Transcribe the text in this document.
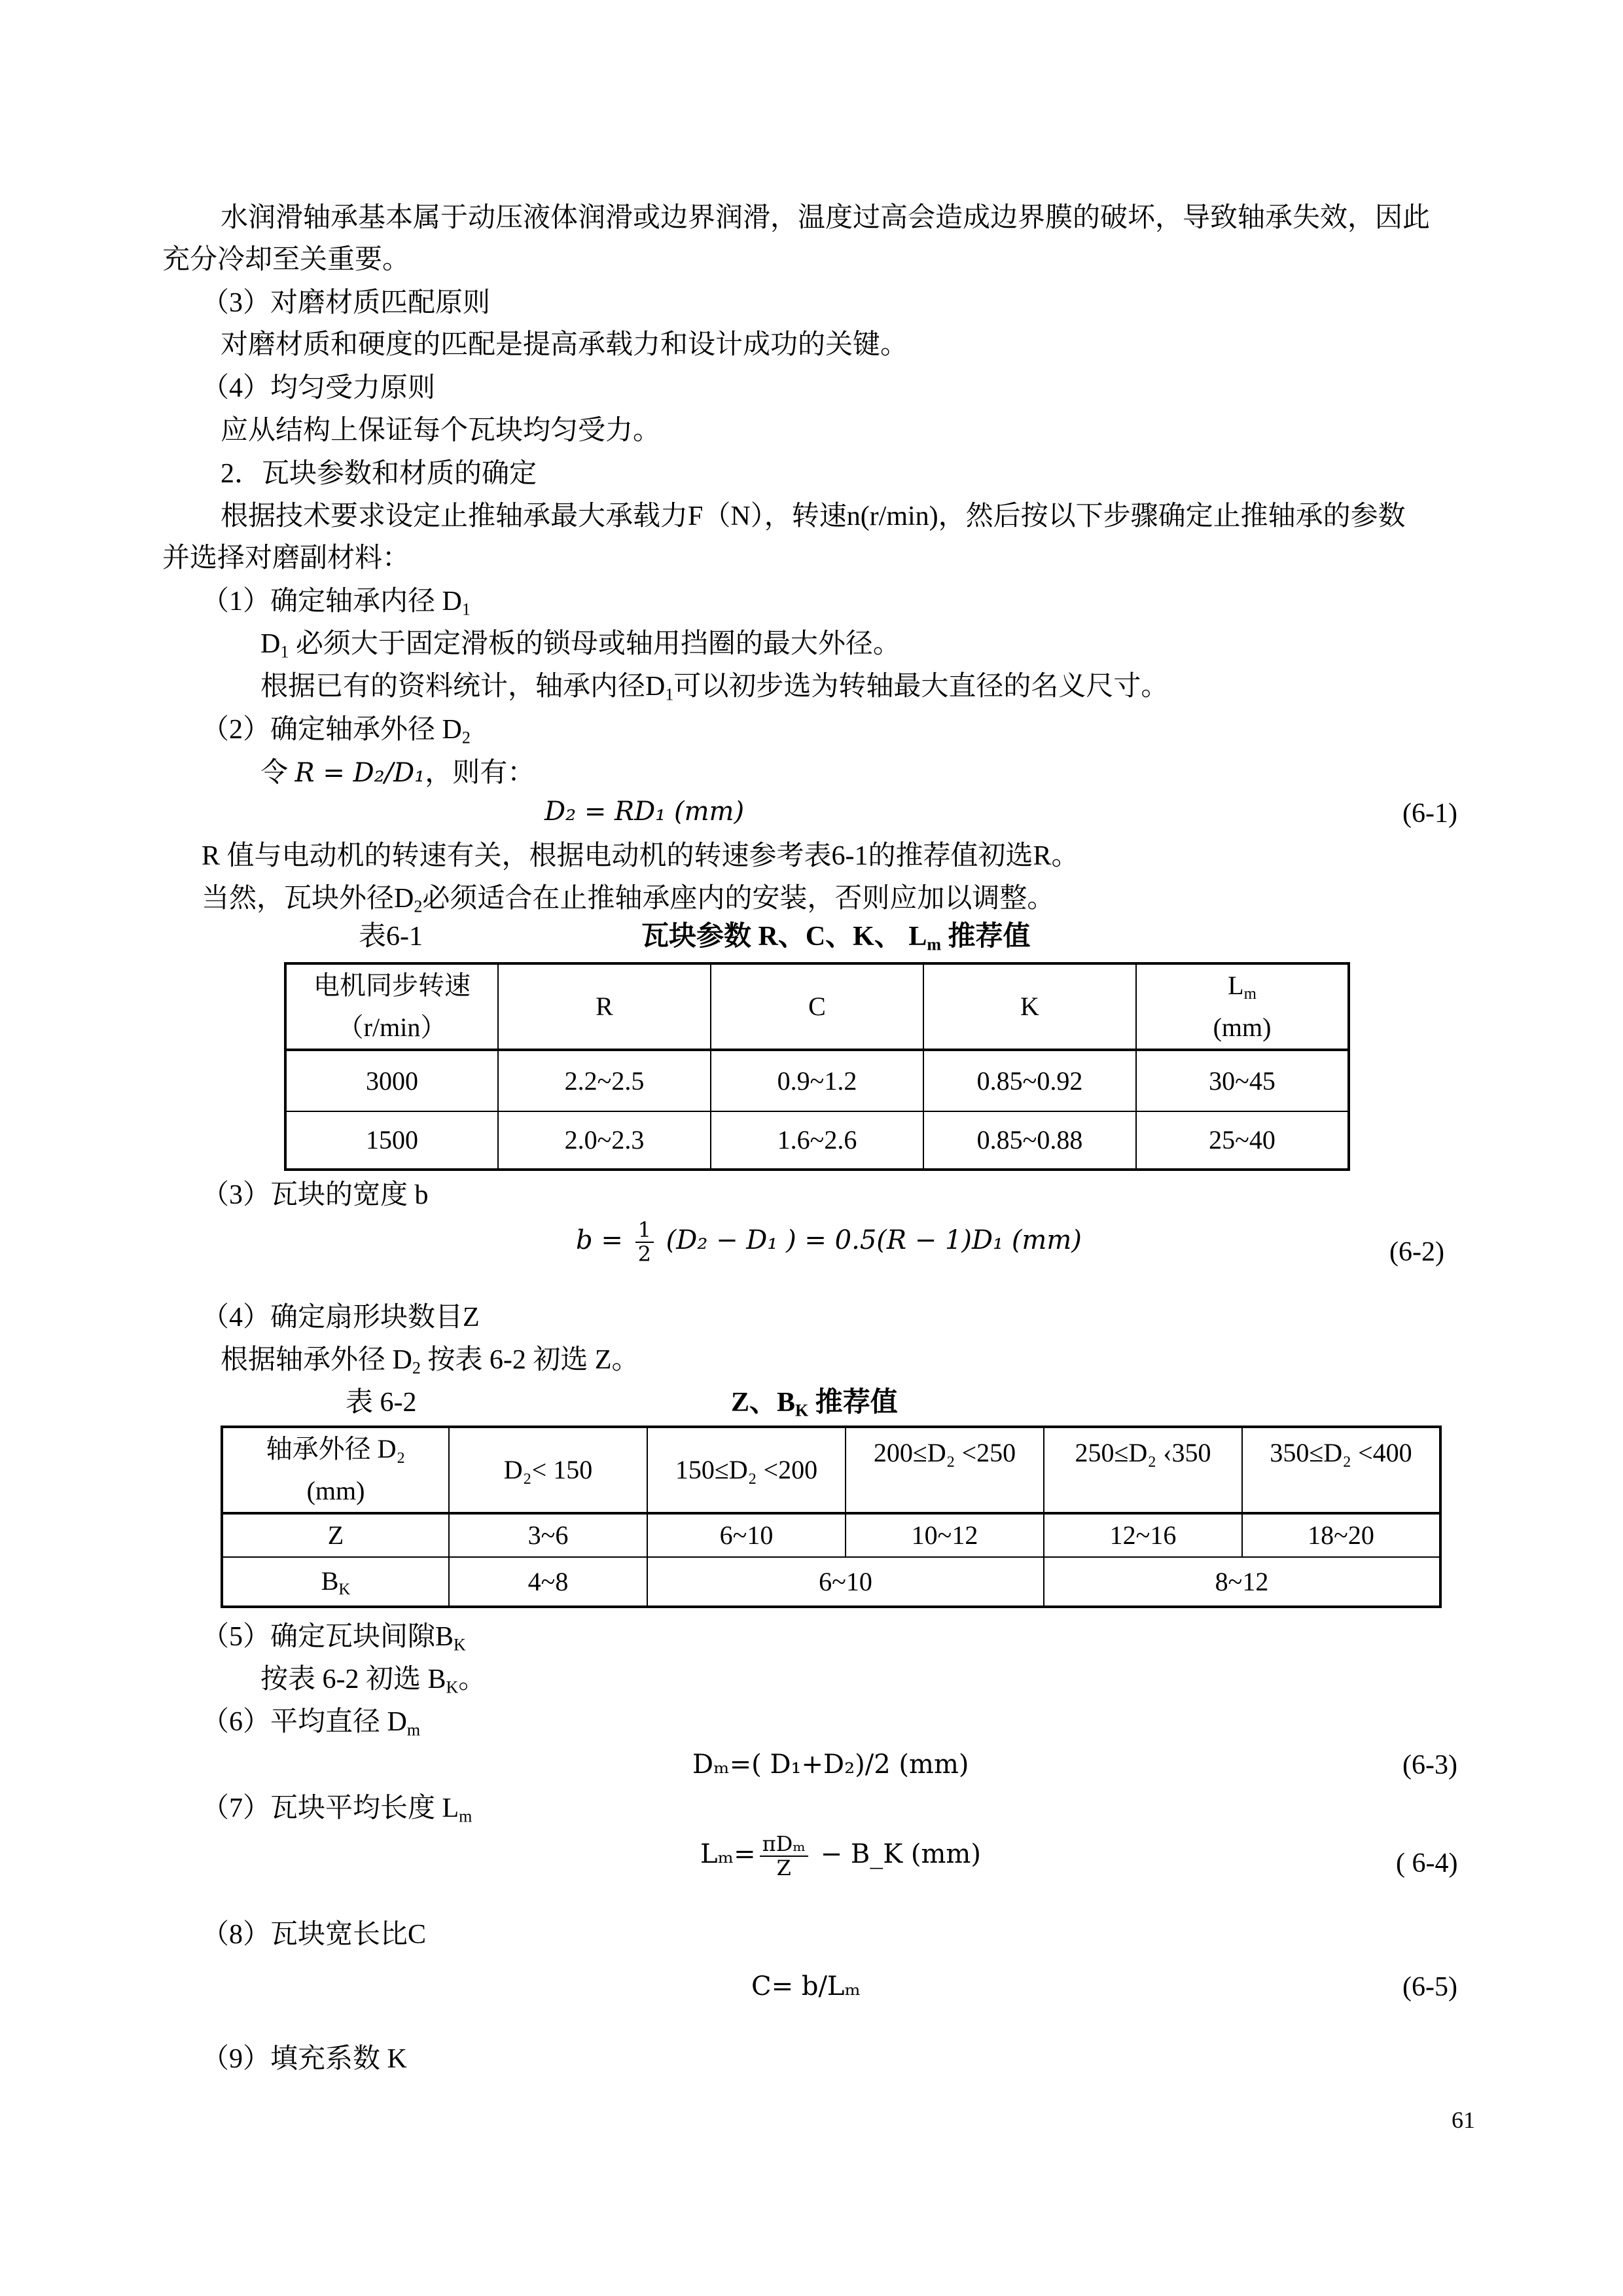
水润滑轴承基本属于动压液体润滑或边界润滑，温度过高会造成边界膜的破坏，导致轴承失效，因此
充分冷却至关重要。
（3）对磨材质匹配原则
对磨材质和硬度的匹配是提高承载力和设计成功的关键。
（4）均匀受力原则
应从结构上保证每个瓦块均匀受力。
2．瓦块参数和材质的确定
根据技术要求设定止推轴承最大承载力F（N），转速n(r/min)，然后按以下步骤确定止推轴承的参数
并选择对磨副材料：
（1）确定轴承内径 $D_1$
$D_1$ 必须大于固定滑板的锁母或轴用挡圈的最大外径。
根据已有的资料统计，轴承内径$D_1$可以初步选为转轴最大直径的名义尺寸。
（2）确定轴承外径 $D_2$
令 R = D₂/D₁，则有：
D₂ = RD₁ (mm)	(6-1)
R 值与电动机的转速有关，根据电动机的转速参考表6-1的推荐值初选R。
当然，瓦块外径$D_2$必须适合在止推轴承座内的安装，否则应加以调整。
表6-1	瓦块参数 R、C、K、 $L_m$ 推荐值
电机同步转速
（r/min）	R	C	K	$L_m$
(mm)

3000	2.2~2.5	0.9~1.2	0.85~0.92	30~45
1500	2.0~2.3	1.6~2.6	0.85~0.88	25~40
（3）瓦块的宽度 b
$b = \frac{1}{2} (D_2 - D_1$ ) = 0.5(R − 1)D₁ (mm)	(6-2)
（4）确定扇形块数目Z
根据轴承外径 $D_2$ 按表 6-2 初选 Z。
表 6-2	Z、$B_K$ 推荐值
轴承外径 D₂
(mm)	D₂< 150	150≤D₂ <200	200≤D₂ <250	250≤D₂ ‹350	350≤D₂ <400
Z	3~6	6~10	10~12	12~16	18~20
$B_K$	4~8	6~10		8~12	
（5）确定瓦块间隙$B_K$
按表 6-2 初选 $B_K$。
（6）平均直径 $D_m$
Dₘ=( D₁+D₂)/2 (mm)	(6-3)
（7）瓦块平均长度 $L_m$
$L_m= \frac{\text{πDₘ}}{Z}$ − B_K (mm)	( 6-4)
（8）瓦块宽长比C
C= b/Lₘ	(6-5)
（9）填充系数 K
61
